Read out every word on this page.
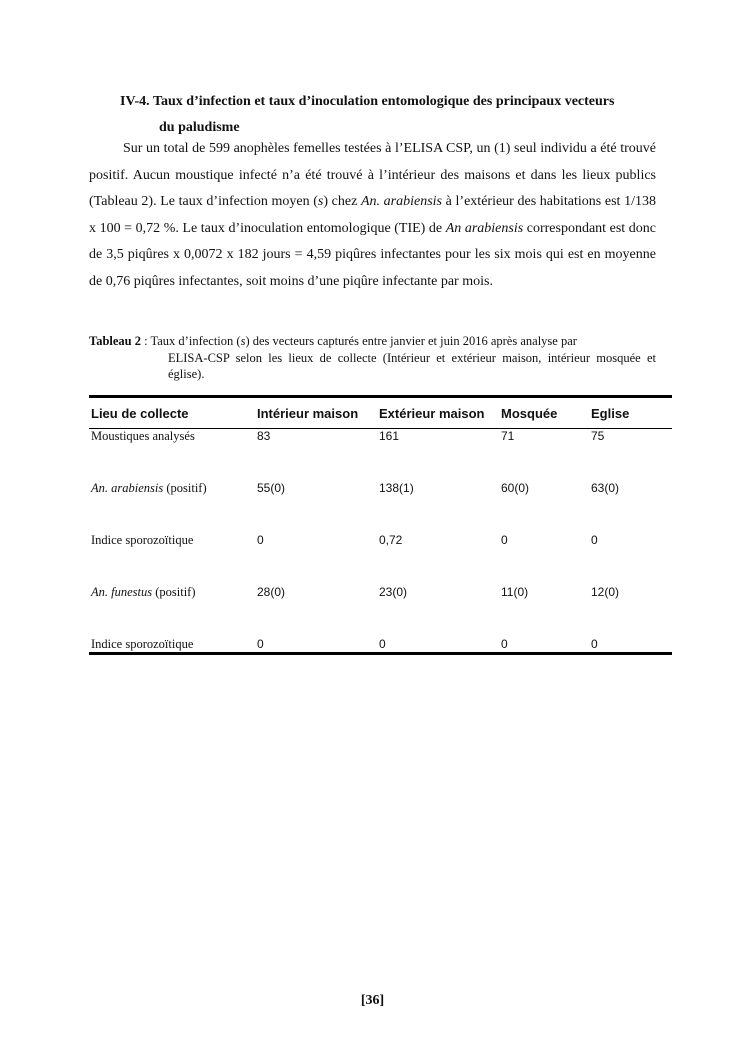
IV-4. Taux d’infection et taux d’inoculation entomologique des principaux vecteurs
du paludisme
Sur un total de 599 anophèles femelles testées à l’ELISA CSP, un (1) seul individu a été trouvé positif. Aucun moustique infecté n’a été trouvé à l’intérieur des maisons et dans les lieux publics (Tableau 2). Le taux d’infection moyen (s) chez An. arabiensis à l’extérieur des habitations est 1/138 x 100 = 0,72 %. Le taux d’inoculation entomologique (TIE) de An arabiensis correspondant est donc de 3,5 piqûres x 0,0072 x 182 jours = 4,59 piqûres infectantes pour les six mois qui est en moyenne de 0,76 piqûres infectantes, soit moins d’une piqûre infectante par mois.
Tableau 2 : Taux d’infection (s) des vecteurs capturés entre janvier et juin 2016 après analyse par
ELISA-CSP selon les lieux de collecte (Intérieur et extérieur maison, intérieur mosquée et église).
Lieu de collecte	Intérieur maison	Extérieur maison	Mosquée	Eglise
Moustiques analysés	83	161	71	75
An. arabiensis (positif)	55(0)	138(1)	60(0)	63(0)
Indice sporozoïtique	0	0,72	0	0
An. funestus (positif)	28(0)	23(0)	11(0)	12(0)
Indice sporozoïtique	0	0	0	0
[36]
